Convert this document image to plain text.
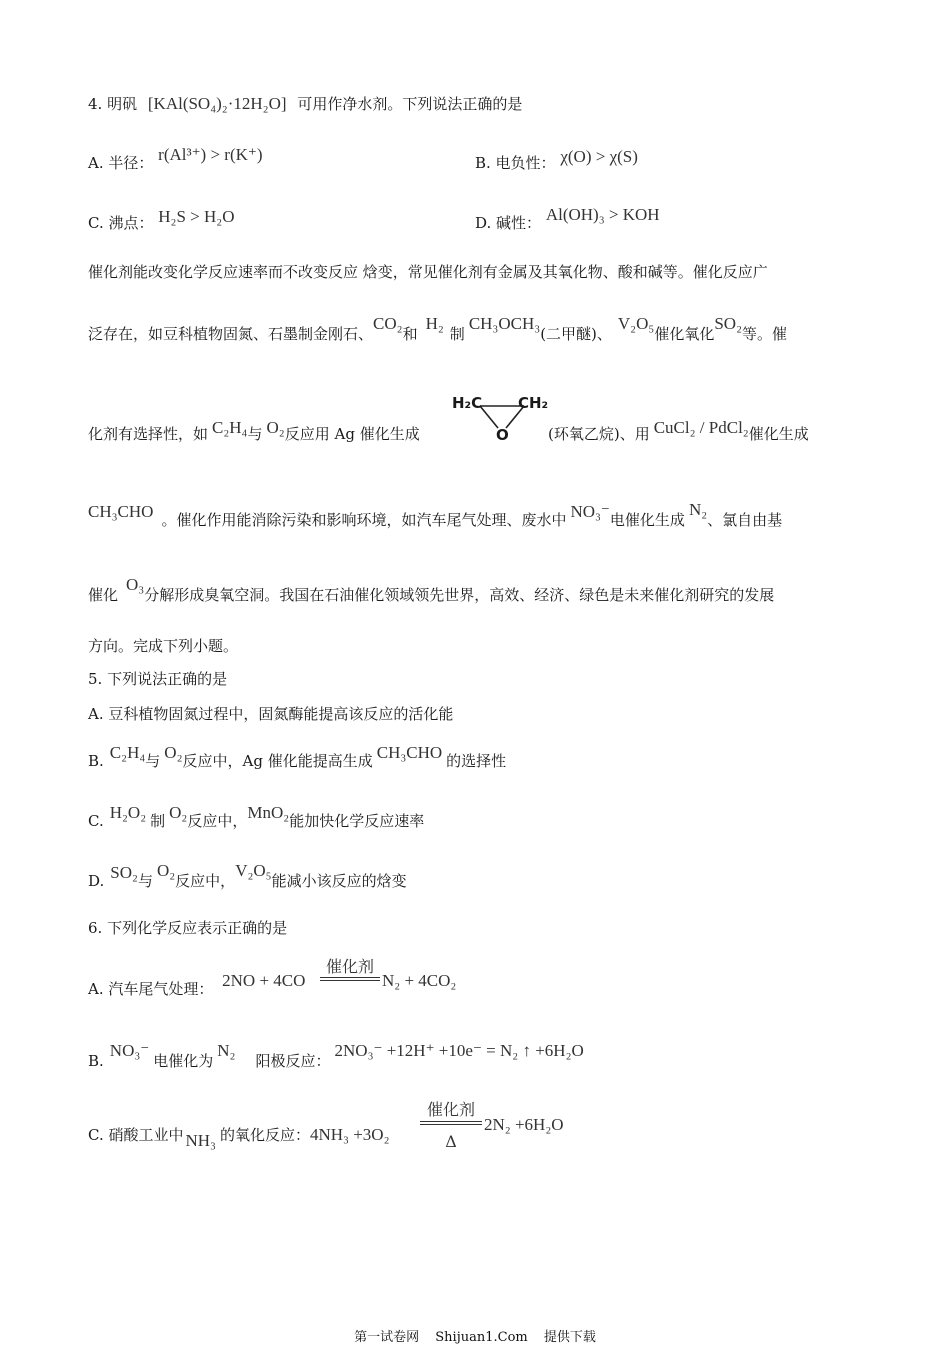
4. 明矾 [KAl(SO₄)₂·12H₂O] 可用作净水剂。下列说法正确的是
A. 半径： r(Al³⁺) > r(K⁺)	B. 电负性： χ(O) > χ(S)
C. 沸点： H₂S > H₂O	D. 碱性： Al(OH)₃ > KOH
催化剂能改变化学反应速率而不改变反应 焓变，常见催化剂有金属及其氧化物、酸和碱等。催化反应广
泛存在，如豆科植物固氮、石墨制金刚石、CO₂和H₂制CH₃OCH₃(二甲醚)、V₂O₅催化氧化SO₂等。催
化剂有选择性，如 C₂H₄与 O₂反应用 Ag 催化生成
H₂C CH₂
O	(环氧乙烷)、用 CuCl₂ / PdCl₂催化生成
CH₃CHO 。催化作用能消除污染和影响环境，如汽车尾气处理、废水中 NO₃⁻电催化生成N₂、氯自由基
催化O₃分解形成臭氧空洞。我国在石油催化领域领先世界，高效、经济、绿色是未来催化剂研究的发展
方向。完成下列小题。
5. 下列说法正确的是
A. 豆科植物固氮过程中，固氮酶能提高该反应的活化能
B. C₂H₄与 O₂反应中，Ag 催化能提高生成 CH₃CHO 的选择性
C. H₂O₂ 制 O₂反应中，MnO₂能加快化学反应速率
D. SO₂与O₂反应中，V₂O₅能减小该反应的焓变
6. 下列化学反应表示正确的是
A. 汽车尾气处理： 2NO + 4CO
催化剂
N₂ + 4CO₂
B.NO₃⁻电催化为N₂阳极反应：2NO₃⁻ +12H⁺ +10e⁻ = N₂ ↑ +6H₂O
C. 硝酸工业中 NH₃ 的氧化反应：4NH₃ +3O₂
催化剂
Δ
2N₂ +6H₂O
第一试卷网 Shijuan1.Com 提供下载
